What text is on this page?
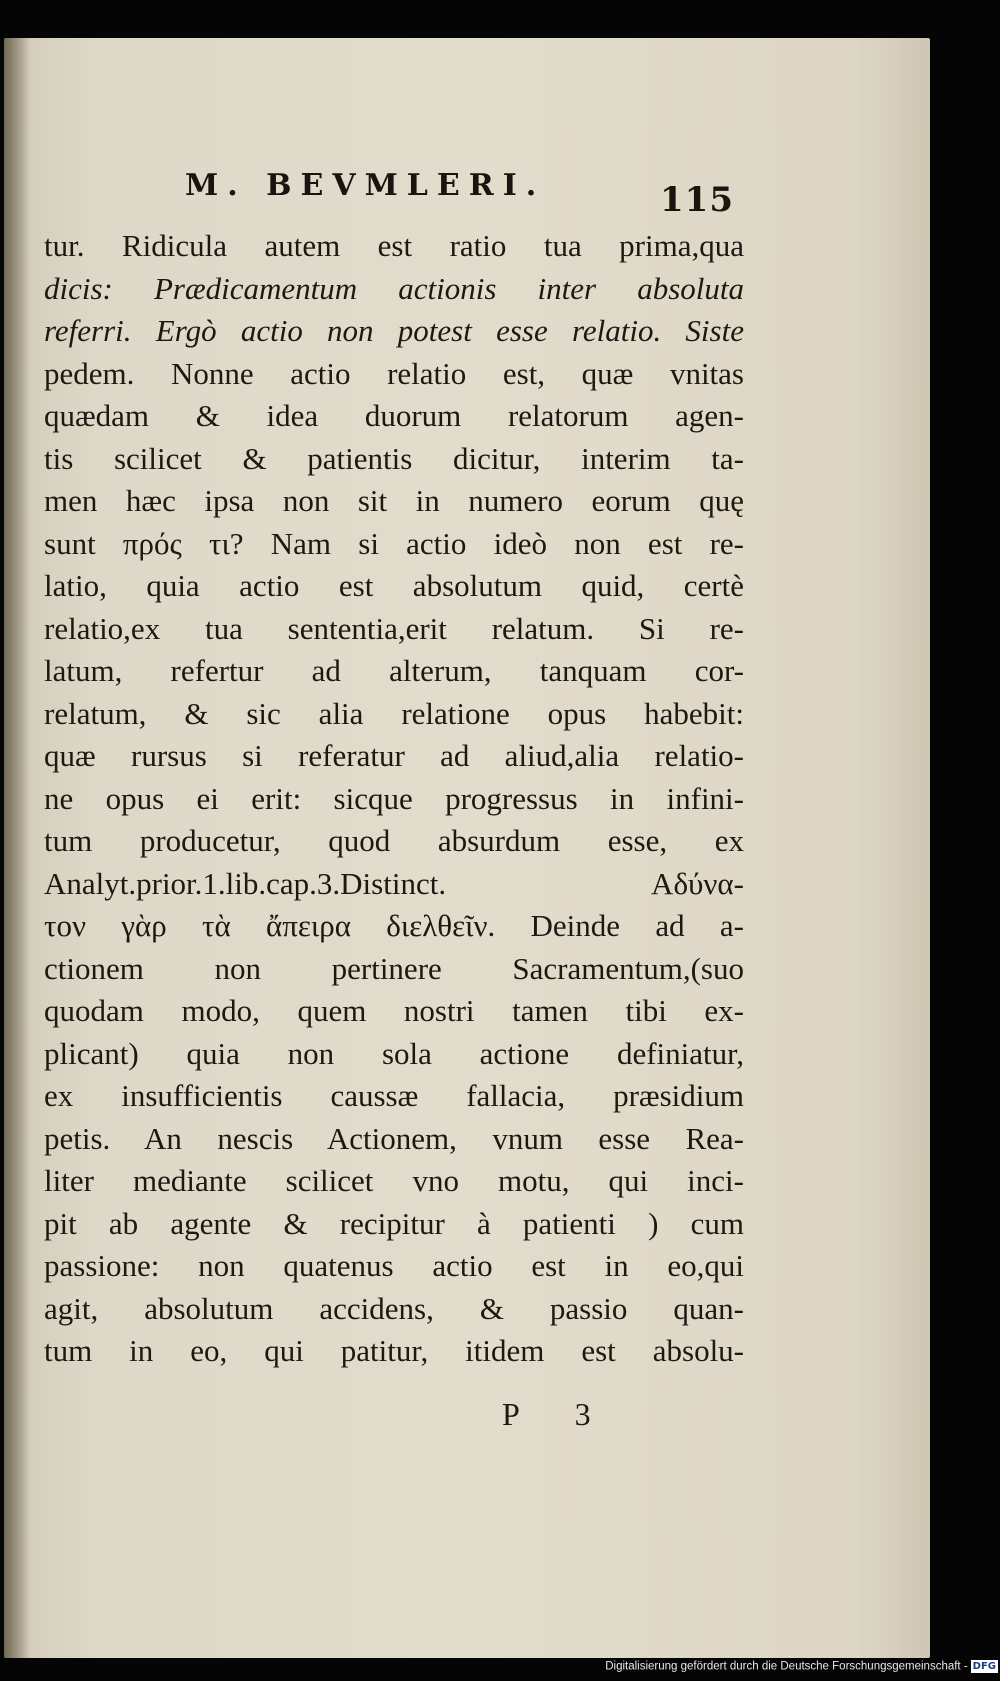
M. BEVMLERI.	115
tur. Ridicula autem est ratio tua prima,qua
dicis: Prædicamentum actionis inter absoluta
referri. Ergò actio non potest esse relatio. Siste
pedem. Nonne actio relatio est, quæ vnitas
quædam & idea duorum relatorum agen-
tis scilicet & patientis dicitur, interim ta-
men hæc ipsa non sit in numero eorum quę
sunt πρός τι? Nam si actio ideò non est re-
latio, quia actio est absolutum quid, certè
relatio,ex tua sententia,erit relatum. Si re-
latum, refertur ad alterum, tanquam cor-
relatum, & sic alia relatione opus habebit:
quæ rursus si referatur ad aliud,alia relatio-
ne opus ei erit: sicque progressus in infini-
tum producetur, quod absurdum esse, ex
Analyt.prior.1.lib.cap.3.Distinct. Αδύνα-
τον γὰρ τὰ ἄπειρα διελθεῖν. Deinde ad a-
ctionem non pertinere Sacramentum,(suo
quodam modo, quem nostri tamen tibi ex-
plicant) quia non sola actione definiatur,
ex insufficientis caussæ fallacia, præsidium
petis. An nescis Actionem, vnum esse Rea-
liter mediante scilicet vno motu, qui inci-
pit ab agente & recipitur à patienti ) cum
passione: non quatenus actio est in eo,qui
agit, absolutum accidens, & passio quan-
tum in eo, qui patitur, itidem est absolu-
P 3
Digitalisierung gefördert durch die Deutsche Forschungsgemeinschaft - DFG
